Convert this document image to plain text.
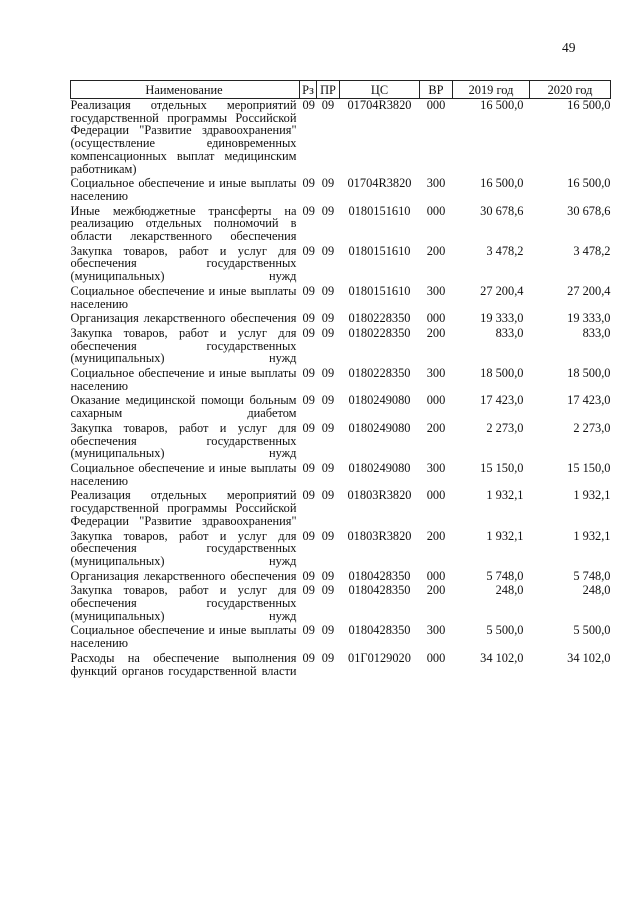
49
Наименование	Рз	ПР	ЦС	ВР	2019 год	2020 год
Реализация отдельных мероприятий государственной программы Российской Федерации "Развитие здравоохранения" (осуществление единовременных компенсационных выплат медицинским работникам)	09	09	01704R3820	000	16 500,0	16 500,0
Социальное обеспечение и иные выплаты населению	09	09	01704R3820	300	16 500,0	16 500,0
Иные межбюджетные трансферты на реализацию отдельных полномочий в области лекарственного обеспечения	09	09	0180151610	000	30 678,6	30 678,6
Закупка товаров, работ и услуг для обеспечения государственных (муниципальных) нужд	09	09	0180151610	200	3 478,2	3 478,2
Социальное обеспечение и иные выплаты населению	09	09	0180151610	300	27 200,4	27 200,4
Организация лекарственного обеспечения	09	09	0180228350	000	19 333,0	19 333,0
Закупка товаров, работ и услуг для обеспечения государственных (муниципальных) нужд	09	09	0180228350	200	833,0	833,0
Социальное обеспечение и иные выплаты населению	09	09	0180228350	300	18 500,0	18 500,0
Оказание медицинской помощи больным сахарным диабетом	09	09	0180249080	000	17 423,0	17 423,0
Закупка товаров, работ и услуг для обеспечения государственных (муниципальных) нужд	09	09	0180249080	200	2 273,0	2 273,0
Социальное обеспечение и иные выплаты населению	09	09	0180249080	300	15 150,0	15 150,0
Реализация отдельных мероприятий государственной программы Российской Федерации "Развитие здравоохранения"	09	09	01803R3820	000	1 932,1	1 932,1
Закупка товаров, работ и услуг для обеспечения государственных (муниципальных) нужд	09	09	01803R3820	200	1 932,1	1 932,1
Организация лекарственного обеспечения	09	09	0180428350	000	5 748,0	5 748,0
Закупка товаров, работ и услуг для обеспечения государственных (муниципальных) нужд	09	09	0180428350	200	248,0	248,0
Социальное обеспечение и иные выплаты населению	09	09	0180428350	300	5 500,0	5 500,0
Расходы на обеспечение выполнения функций органов государственной власти	09	09	01Г0129020	000	34 102,0	34 102,0
